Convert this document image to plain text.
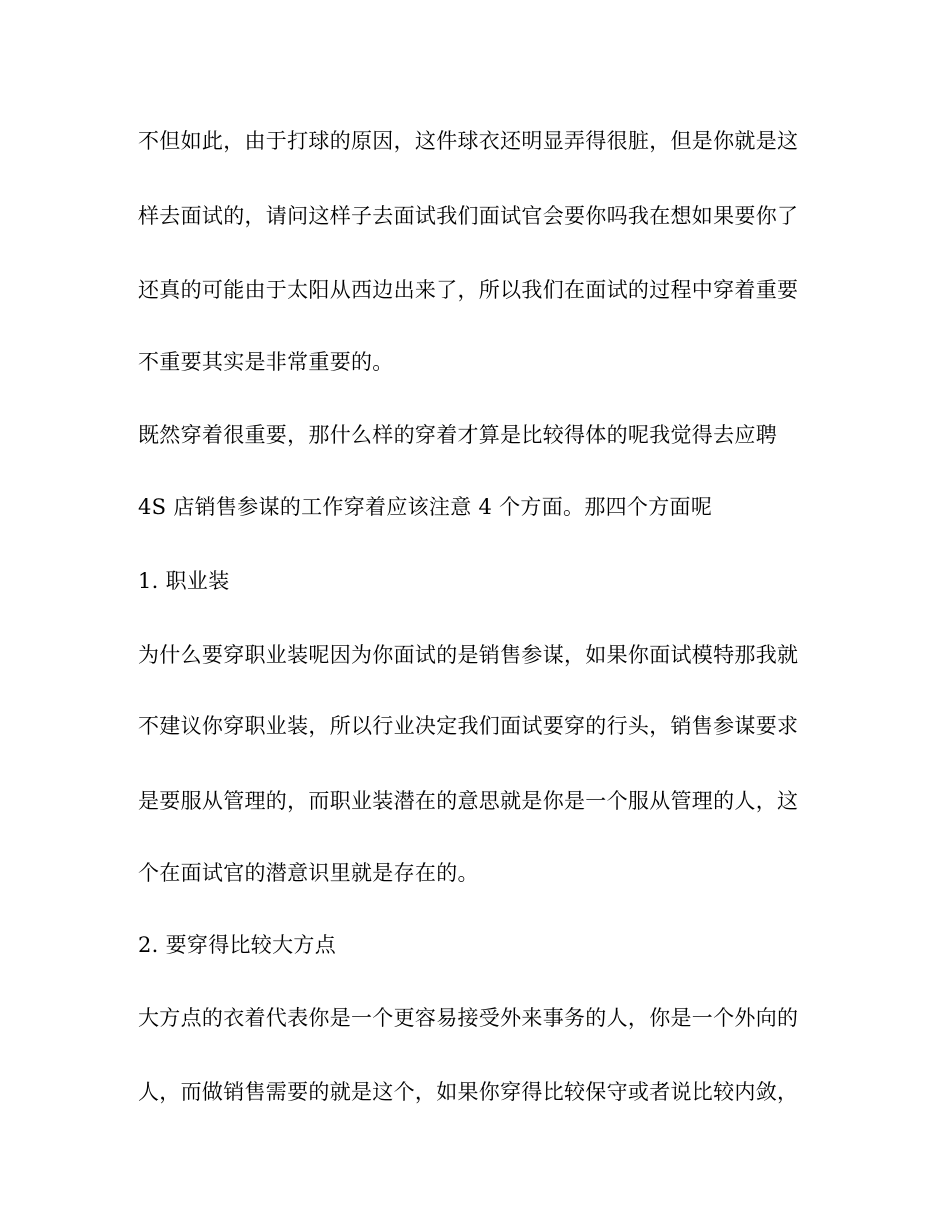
不但如此，由于打球的原因，这件球衣还明显弄得很脏，但是你就是这
样去面试的，请问这样子去面试我们面试官会要你吗我在想如果要你了
还真的可能由于太阳从西边出来了，所以我们在面试的过程中穿着重要
不重要其实是非常重要的。
既然穿着很重要，那什么样的穿着才算是比较得体的呢我觉得去应聘
4S 店销售参谋的工作穿着应该注意 4 个方面。那四个方面呢
1. 职业装
为什么要穿职业装呢因为你面试的是销售参谋，如果你面试模特那我就
不建议你穿职业装，所以行业决定我们面试要穿的行头，销售参谋要求
是要服从管理的，而职业装潜在的意思就是你是一个服从管理的人，这
个在面试官的潜意识里就是存在的。
2. 要穿得比较大方点
大方点的衣着代表你是一个更容易接受外来事务的人，你是一个外向的
人，而做销售需要的就是这个，如果你穿得比较保守或者说比较内敛，
